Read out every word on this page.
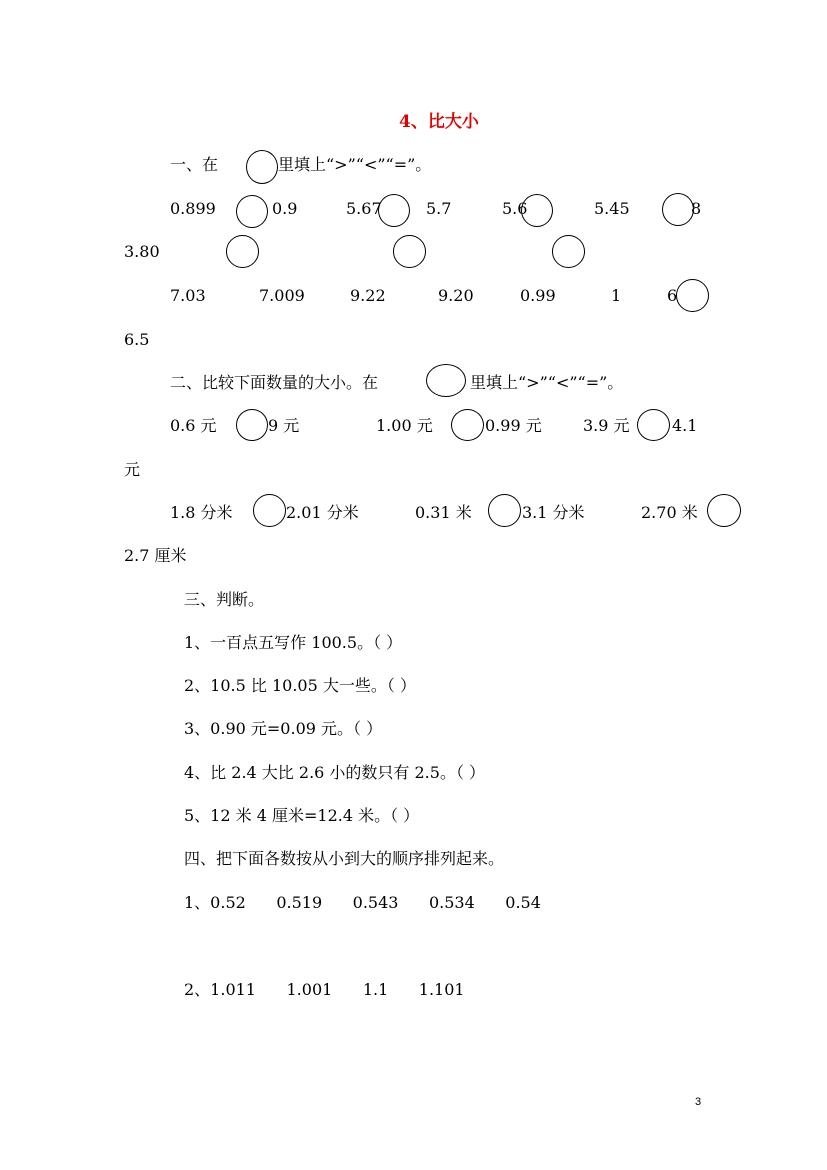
4、比大小
一、在	里填上“>”“<”“=”。
0.899	0.9	5.67	5.7	5.6	5.45	8
3.80
7.03	7.009	9.22	9.20	0.99	1	6
6.5
二、比较下面数量的大小。在	里填上“>”“<”“=”。
0.6 元	9 元	1.00 元	0.99 元	3.9 元	4.1
元
1.8 分米	2.01 分米	0.31 米	3.1 分米	2.70 米
2.7 厘米
三、判断。
1、一百点五写作 100.5。（ ）
2、10.5 比 10.05 大一些。（ ）
3、0.90 元=0.09 元。（ ）
4、比 2.4 大比 2.6 小的数只有 2.5。（ ）
5、12 米 4 厘米=12.4 米。（ ）
四、把下面各数按从小到大的顺序排列起来。
1、0.52      0.519      0.543      0.534      0.54
2、1.011      1.001      1.1      1.101
3
